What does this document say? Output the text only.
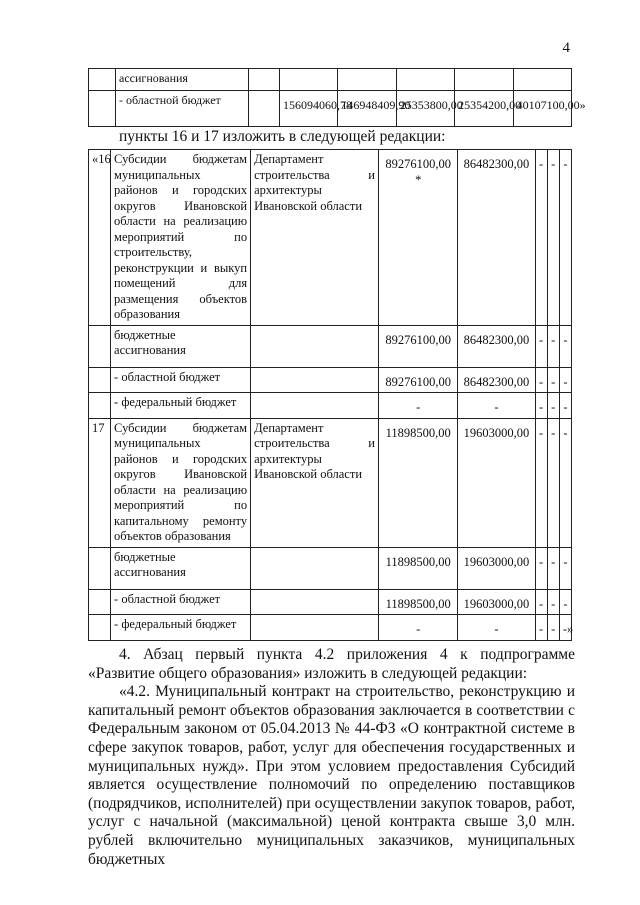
4
	ассигнования						
	- областной бюджет		156094060,78	146948409,90	25353800,00	25354200,00	40107100,00»
пункты 16 и 17 изложить в следующей редакции:
«16	Субсидии бюджетам муниципальных районов и городских округов Ивановской области на реализацию мероприятий по строительству, реконструкции и выкуп помещений для размещения объектов образования	Департамент строительства и архитектуры Ивановской области	89276100,00 *	86482300,00	-	-	-
	бюджетные ассигнования		89276100,00	86482300,00	-	-	-
	- областной бюджет		89276100,00	86482300,00	-	-	-
	- федеральный бюджет		-	-	-	-	-
17	Субсидии бюджетам муниципальных районов и городских округов Ивановской области на реализацию мероприятий по капитальному ремонту объектов образования	Департамент строительства и архитектуры Ивановской области	11898500,00	19603000,00	-	-	-
	бюджетные ассигнования		11898500,00	19603000,00	-	-	-
	- областной бюджет		11898500,00	19603000,00	-	-	-
	- федеральный бюджет		-	-	-	-	-»

4. Абзац первый пункта 4.2 приложения 4 к подпрограмме «Развитие общего образования» изложить в следующей редакции:

«4.2. Муниципальный контракт на строительство, реконструкцию и капитальный ремонт объектов образования заключается в соответствии с Федеральным законом от 05.04.2013 № 44-ФЗ «О контрактной системе в сфере закупок товаров, работ, услуг для обеспечения государственных и муниципальных нужд». При этом условием предоставления Субсидий является осуществление полномочий по определению поставщиков (подрядчиков, исполнителей) при осуществлении закупок товаров, работ, услуг с начальной (максимальной) ценой контракта свыше 3,0 млн. рублей включительно муниципальных заказчиков, муниципальных бюджетных
